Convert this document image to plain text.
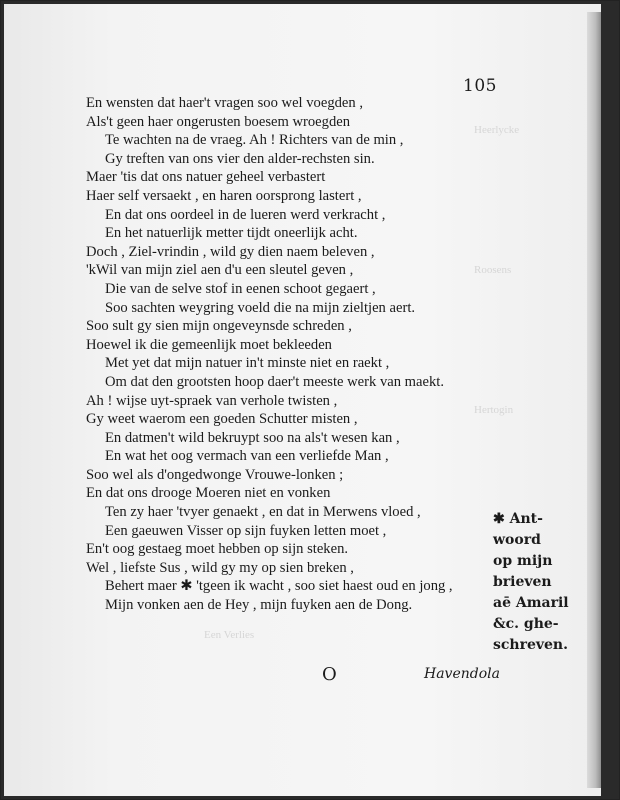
Heerlycke
Roosens
Hertogin
Een Verlies
105
En wensten dat haer't vragen soo wel voegden ,
Als't geen haer ongerusten boesem wroegden
Te wachten na de vraeg. Ah ! Richters van de min ,
Gy treften van ons vier den alder-rechsten sin.
Maer 'tis dat ons natuer geheel verbastert
Haer self versaekt , en haren oorsprong lastert ,
En dat ons oordeel in de lueren werd verkracht ,
En het natuerlijk metter tijdt oneerlijk acht.
Doch , Ziel-vrindin , wild gy dien naem beleven ,
'kWil van mijn ziel aen d'u een sleutel geven ,
Die van de selve stof in eenen schoot gegaert ,
Soo sachten weygring voeld die na mijn zieltjen aert.
Soo sult gy sien mijn ongeveynsde schreden ,
Hoewel ik die gemeenlijk moet bekleeden
Met yet dat mijn natuer in't minste niet en raekt ,
Om dat den grootsten hoop daer't meeste werk van maekt.
Ah ! wijse uyt-spraek van verhole twisten ,
Gy weet waerom een goeden Schutter misten ,
En datmen't wild bekruypt soo na als't wesen kan ,
En wat het oog vermach van een verliefde Man ,
Soo wel als d'ongedwonge Vrouwe-lonken ;
En dat ons drooge Moeren niet en vonken
Ten zy haer 'tvyer genaekt , en dat in Merwens vloed ,
Een gaeuwen Visser op sijn fuyken letten moet ,
En't oog gestaeg moet hebben op sijn steken.
Wel , liefste Sus , wild gy my op sien breken ,
Behert maer ✱ 'tgeen ik wacht , soo siet haest oud en jong ,
Mijn vonken aen de Hey , mijn fuyken aen de Dong.
✱ Ant-
woord
op mijn
brieven
aē Amaril
&c. ghe-
schreven.
O	Havendola
